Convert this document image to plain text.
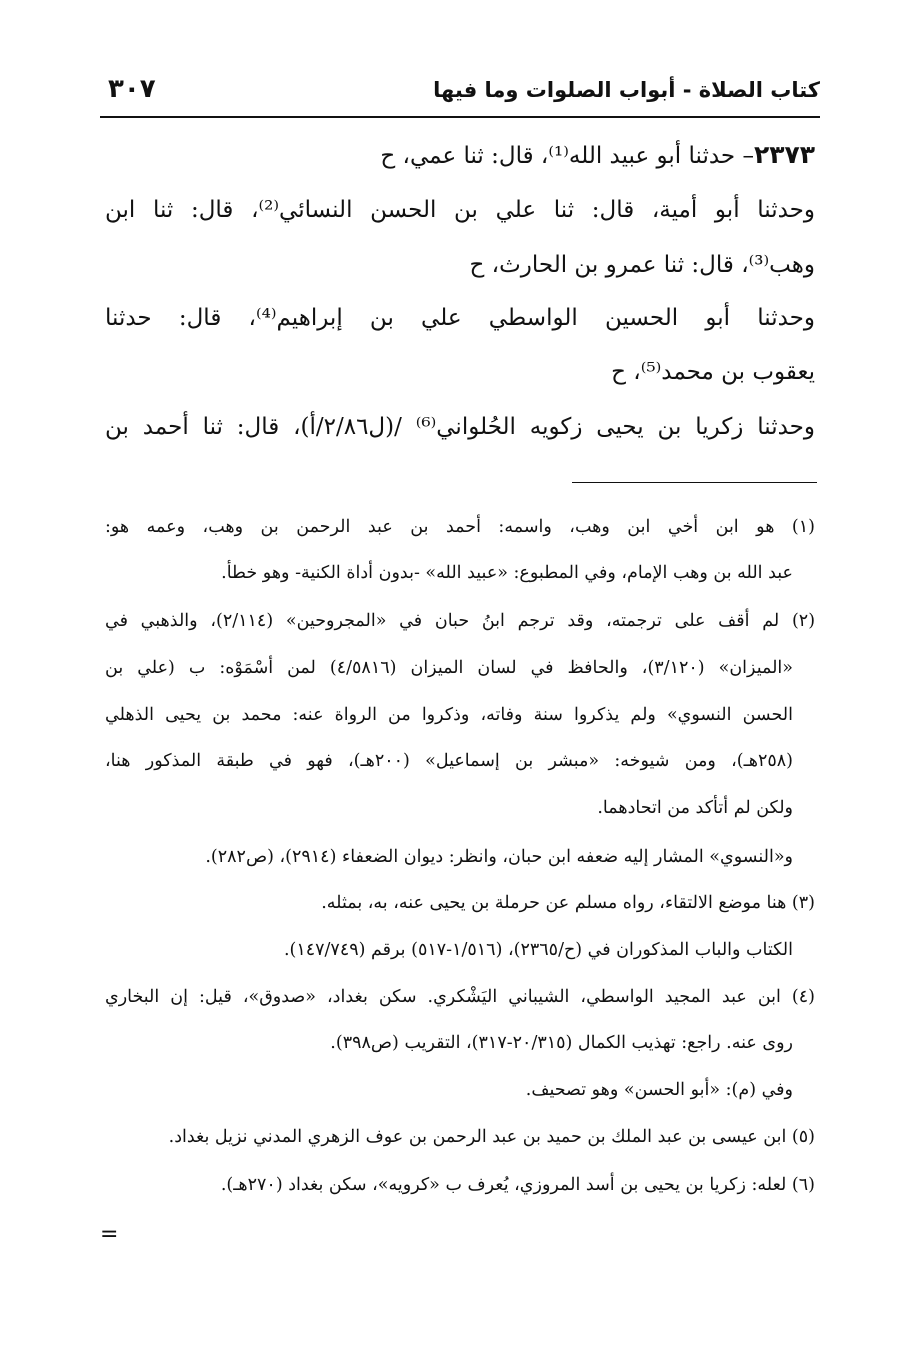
كتاب الصلاة - أبواب الصلوات وما فيها
٣٠٧
٢٣٧٣– حدثنا أبو عبيد الله⁽¹⁾، قال: ثنا عمي، ح
وحدثنا أبو أمية، قال: ثنا علي بن الحسن النسائي⁽²⁾، قال: ثنا ابن
وهب⁽³⁾، قال: ثنا عمرو بن الحارث، ح
وحدثنا أبو الحسين الواسطي علي بن إبراهيم⁽⁴⁾، قال: حدثنا
يعقوب بن محمد⁽⁵⁾، ح
وحدثنا زكريا بن يحيى زكويه الحُلواني⁽⁶⁾ /(ل٢/٨٦/أ)، قال: ثنا أحمد بن
(١) هو ابن أخي ابن وهب، واسمه: أحمد بن عبد الرحمن بن وهب، وعمه هو:
عبد الله بن وهب الإمام، وفي المطبوع: «عبيد الله» -بدون أداة الكنية- وهو خطأ.
(٢) لم أقف على ترجمته، وقد ترجم ابنُ حبان في «المجروحين» (٢/١١٤)، والذهبي في
«الميزان» (٣/١٢٠)، والحافظ في لسان الميزان (٤/٥٨١٦) لمن أسْمَوْه: ب (علي بن
الحسن النسوي» ولم يذكروا سنة وفاته، وذكروا من الرواة عنه: محمد بن يحيى الذهلي
(٢٥٨هـ)، ومن شيوخه: «مبشر بن إسماعيل» (٢٠٠هـ)، فهو في طبقة المذكور هنا،
ولكن لم أتأكد من اتحادهما.
و«النسوي» المشار إليه ضعفه ابن حبان، وانظر: ديوان الضعفاء (٢٩١٤)، (ص٢٨٢).
(٣) هنا موضع الالتقاء، رواه مسلم عن حرملة بن يحيى عنه، به، بمثله.
الكتاب والباب المذكوران في (ح/٢٣٦٥)، (١/٥١٦-٥١٧) برقم (١٤٧/٧٤٩).
(٤) ابن عبد المجيد الواسطي، الشيباني اليَشْكري. سكن بغداد، «صدوق»، قيل: إن البخاري
روى عنه. راجع: تهذيب الكمال (٢٠/٣١٥-٣١٧)، التقريب (ص٣٩٨).
وفي (م): «أبو الحسن» وهو تصحيف.
(٥) ابن عيسى بن عبد الملك بن حميد بن عبد الرحمن بن عوف الزهري المدني نزيل بغداد.
(٦) لعله: زكريا بن يحيى بن أسد المروزي، يُعرف ب «كرويه»، سكن بغداد (٢٧٠هـ).
=
